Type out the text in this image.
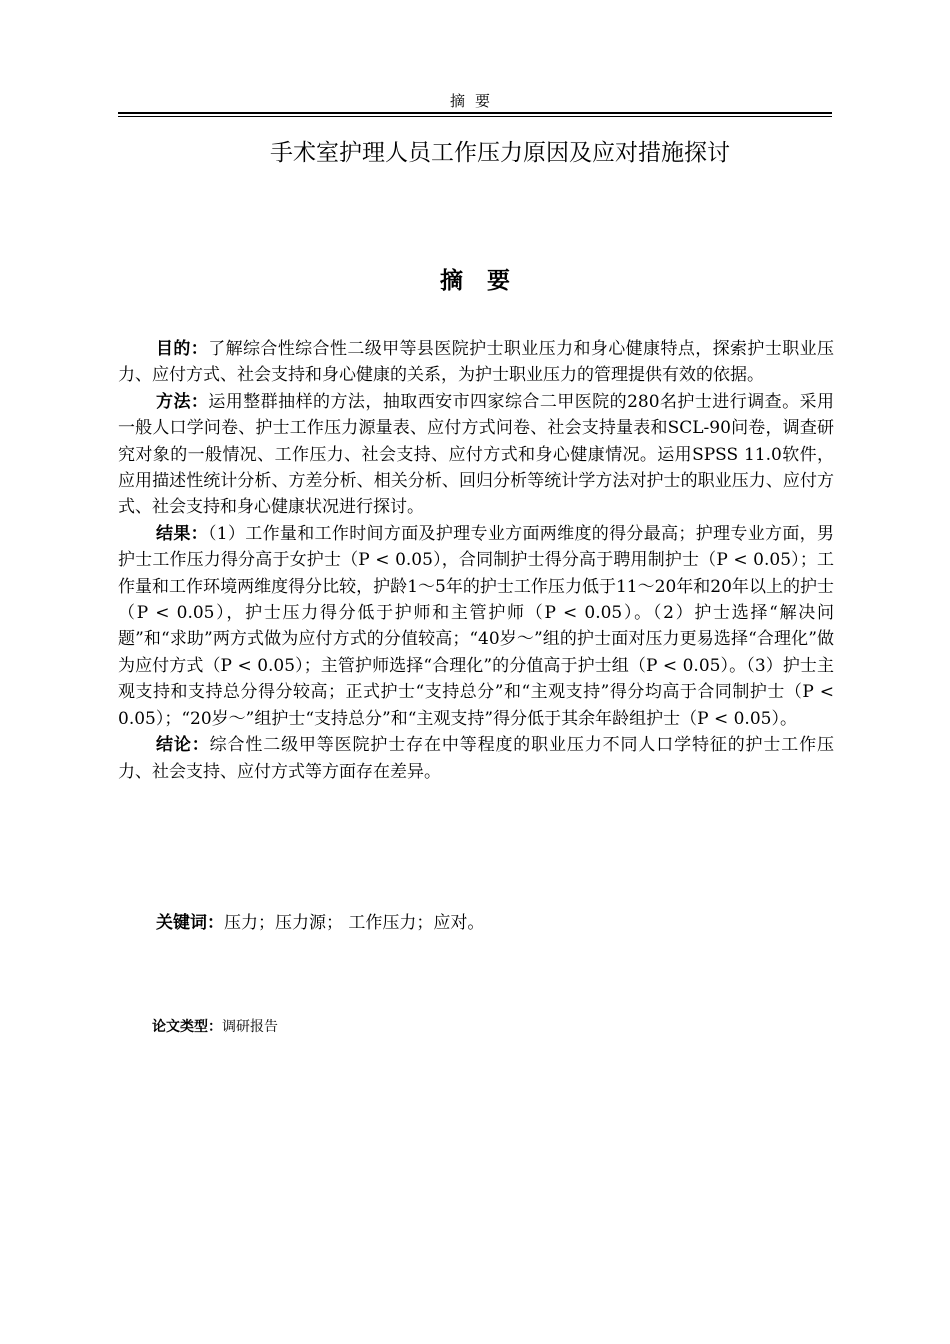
摘要
手术室护理人员工作压力原因及应对措施探讨
摘要

目的：了解综合性综合性二级甲等县医院护士职业压力和身心健康特点，探索护士职业压力、应付方式、社会支持和身心健康的关系，为护士职业压力的管理提供有效的依据。

方法：运用整群抽样的方法，抽取西安市四家综合二甲医院的280名护士进行调查。采用一般人口学问卷、护士工作压力源量表、应付方式问卷、社会支持量表和SCL-90问卷，调查研究对象的一般情况、工作压力、社会支持、应付方式和身心健康情况。运用SPSS 11.0软件，应用描述性统计分析、方差分析、相关分析、回归分析等统计学方法对护士的职业压力、应付方式、社会支持和身心健康状况进行探讨。

结果：（1）工作量和工作时间方面及护理专业方面两维度的得分最高；护理专业方面，男护士工作压力得分高于女护士（P < 0.05），合同制护士得分高于聘用制护士（P < 0.05）；工作量和工作环境两维度得分比较，护龄1～5年的护士工作压力低于11～20年和20年以上的护士（P < 0.05），护士压力得分低于护师和主管护师（P < 0.05）。（2）护士选择“解决问题”和“求助”两方式做为应付方式的分值较高；“40岁～”组的护士面对压力更易选择“合理化”做为应付方式（P < 0.05）；主管护师选择“合理化”的分值高于护士组（P < 0.05）。（3）护士主观支持和支持总分得分较高；正式护士“支持总分”和“主观支持”得分均高于合同制护士（P < 0.05）；“20岁～”组护士“支持总分”和“主观支持”得分低于其余年龄组护士（P < 0.05）。

结论：综合性二级甲等医院护士存在中等程度的职业压力不同人口学特征的护士工作压力、社会支持、应付方式等方面存在差异。

关键词：压力；压力源； 工作压力；应对。
论文类型：调研报告
